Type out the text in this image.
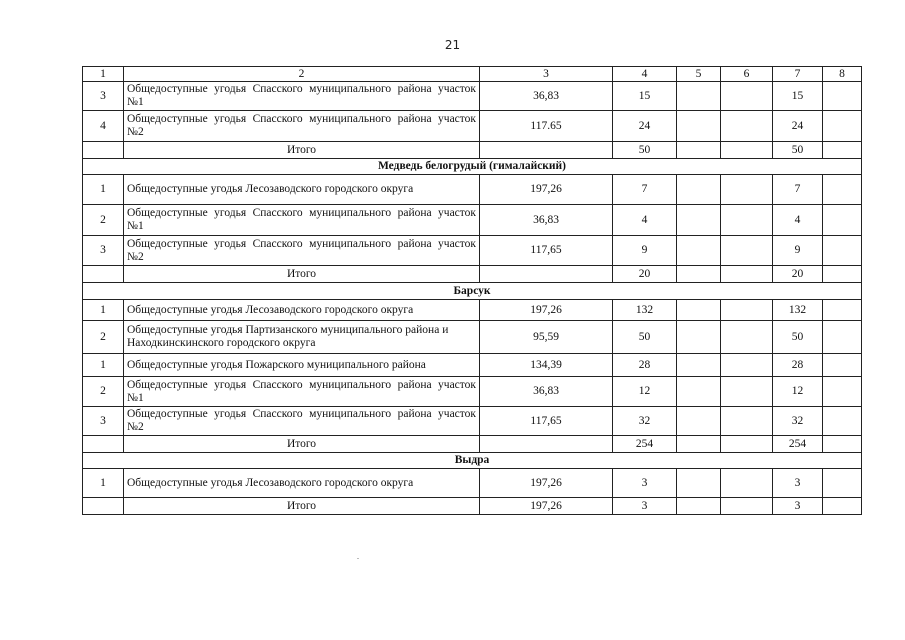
21
1	2	3	4	5	6	7	8
3	Общедоступные угодья Спасского муниципального района участок №1	36,83	15			15	
4	Общедоступные угодья Спасского муниципального района участок №2	117.65	24			24	
	Итого		50			50	
Медведь белогрудый (гималайский)							
1	Общедоступные угодья Лесозаводского городского округа	197,26	7			7	
2	Общедоступные угодья Спасского муниципального района участок №1	36,83	4			4	
3	Общедоступные угодья Спасского муниципального района участок №2	117,65	9			9	
	Итого		20			20	
Барсук							
1	Общедоступные угодья Лесозаводского городского округа	197,26	132			132	
2	Общедоступные угодья Партизанского муниципального района и Находкинскинского городского округа	95,59	50			50	
1	Общедоступные угодья Пожарского муниципального района	134,39	28			28	
2	Общедоступные угодья Спасского муниципального района участок №1	36,83	12			12	
3	Общедоступные угодья Спасского муниципального района участок №2	117,65	32			32	
	Итого		254			254	
Выдра							
1	Общедоступные угодья Лесозаводского городского округа	197,26	3			3	
	Итого	197,26	3			3	
